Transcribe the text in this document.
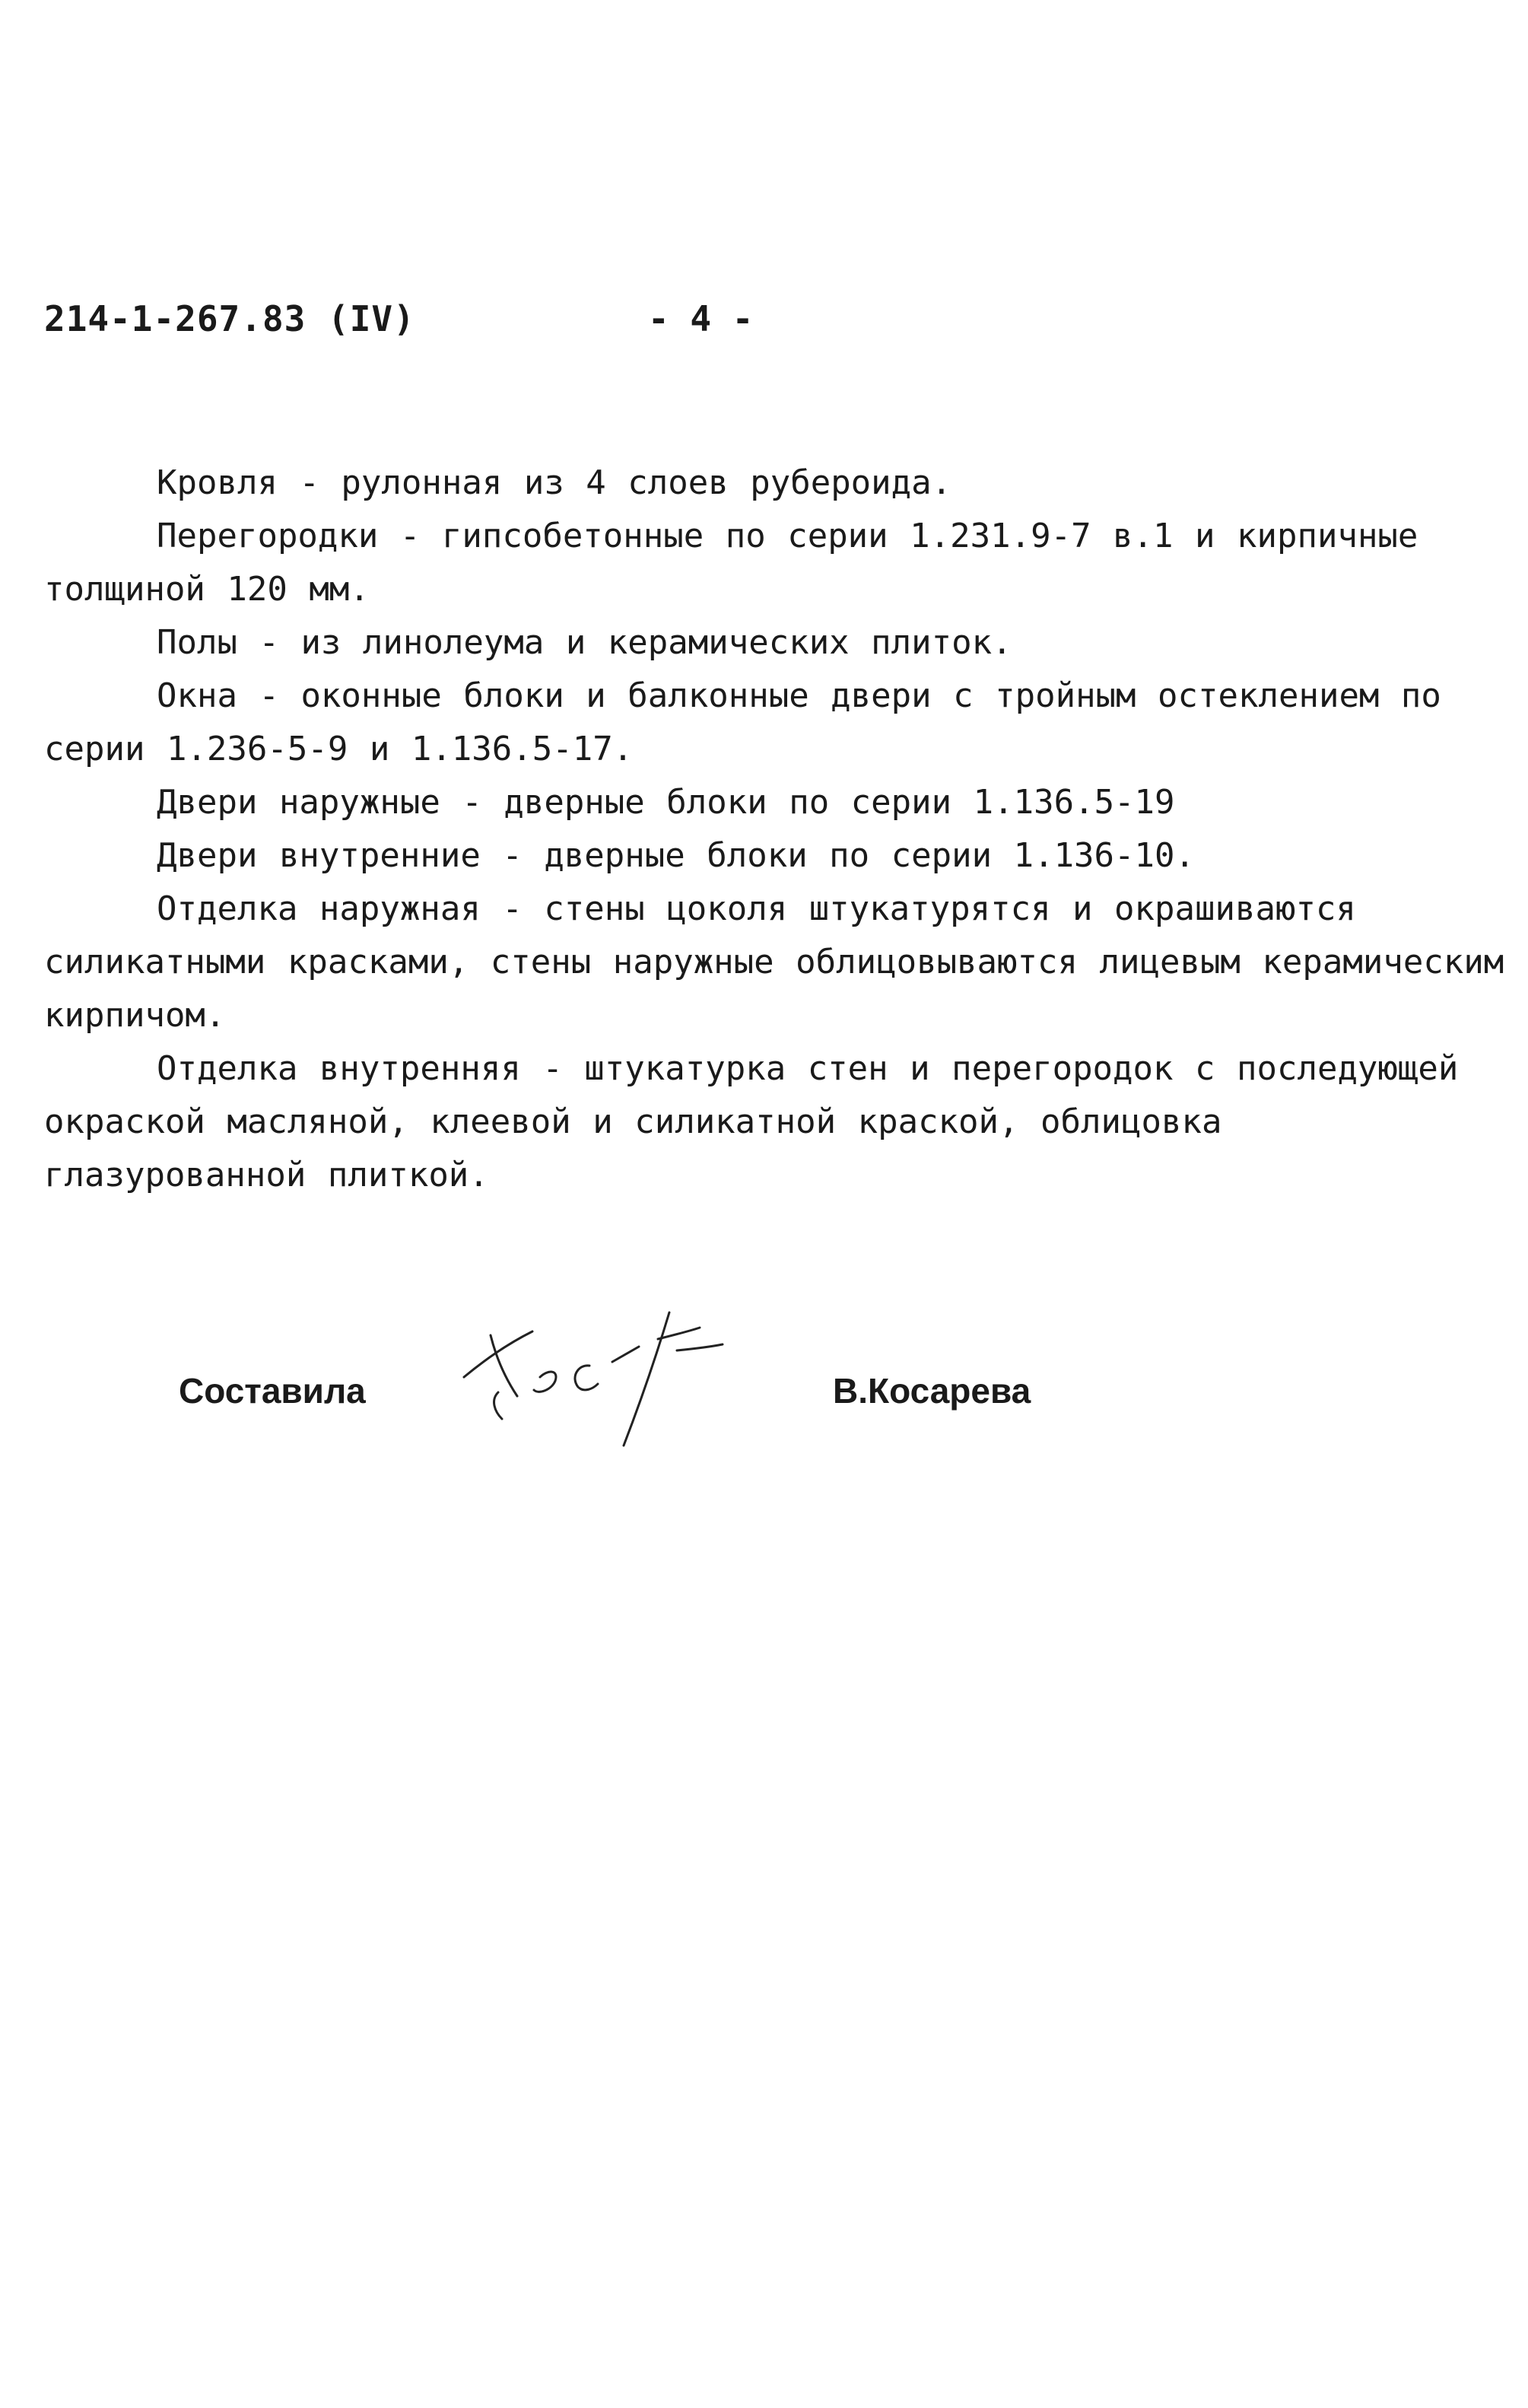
214-1-267.83 (IV)	- 4 -

Кровля - рулонная из 4 слоев рубероида.

Перегородки - гипсобетонные по серии 1.231.9-7 в.1 и кирпичные толщиной 120 мм.

Полы - из линолеума и керамических плиток.

Окна - оконные блоки и балконные двери с тройным остеклением по серии 1.236-5-9 и 1.136.5-17.

Двери наружные - дверные блоки по серии 1.136.5-19

Двери внутренние - дверные блоки по серии 1.136-10.

Отделка наружная - стены цоколя штукатурятся и окрашиваются силикатными красками, стены наружные облицовываются лицевым керамическим кирпичом.

Отделка внутренняя - штукатурка стен и перегородок с последующей окраской масляной, клеевой и силикатной краской, облицовка глазурованной плиткой.

Составила	В.Косарева
